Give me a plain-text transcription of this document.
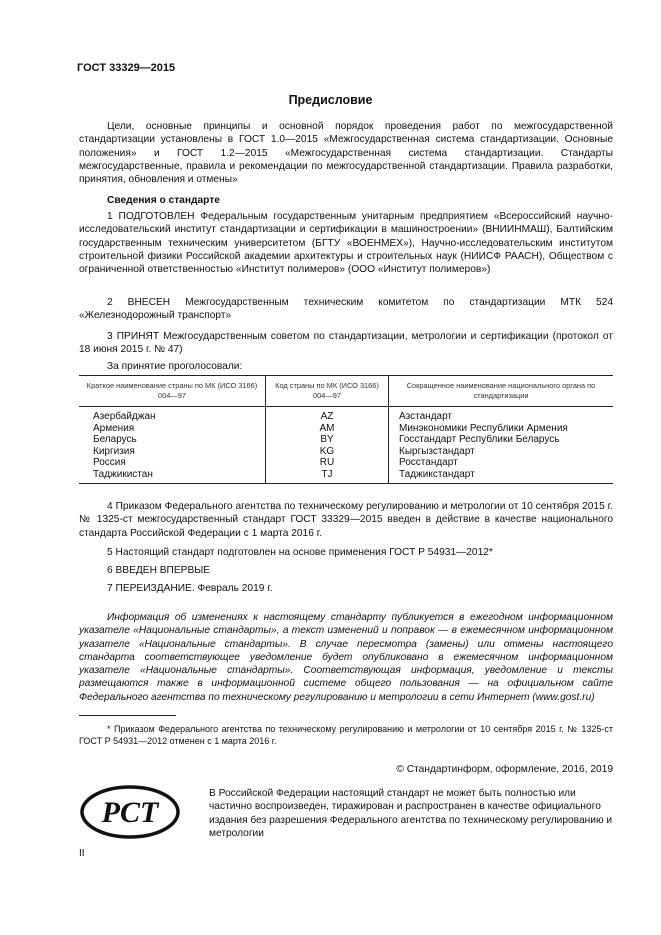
ГОСТ 33329—2015
Предисловие
Цели, основные принципы и основной порядок проведения работ по межгосударственной стандартизации установлены в ГОСТ 1.0—2015 «Межгосударственная система стандартизации. Основные положения» и ГОСТ 1.2—2015 «Межгосударственная система стандартизации. Стандарты межгосударственные, правила и рекомендации по межгосударственной стандартизации. Правила разработки, принятия, обновления и отмены»
Сведения о стандарте
1 ПОДГОТОВЛЕН Федеральным государственным унитарным предприятием «Всероссийский научно-исследовательский институт стандартизации и сертификации в машиностроении» (ВНИИНМАШ), Балтийским государственным техническим университетом (БГТУ «ВОЕНМЕХ»), Научно-исследовательским институтом строительной физики Российской академии архитектуры и строительных наук (НИИСФ РААСН), Обществом с ограниченной ответственностью «Институт полимеров» (ООО «Институт полимеров»)
2 ВНЕСЕН Межгосударственным техническим комитетом по стандартизации МТК 524 «Железнодорожный транспорт»
3 ПРИНЯТ Межгосударственным советом по стандартизации, метрологии и сертификации (протокол от 18 июня 2015 г. № 47)
За принятие проголосовали:
Краткое наименование страны по МК (ИСО 3166) 004—97	Код страны по МК (ИСО 3166) 004—97	Сокращенное наименование национального органа по стандартизации
Азербайджан	AZ	Азстандарт
Армения	AM	Минэкономики Республики Армения
Беларусь	BY	Госстандарт Республики Беларусь
Киргизия	KG	Кыргызстандарт
Россия	RU	Росстандарт
Таджикистан	TJ	Таджикстандарт
4 Приказом Федерального агентства по техническому регулированию и метрологии от 10 сентября 2015 г. № 1325-ст межгосударственный стандарт ГОСТ 33329—2015 введен в действие в качестве национального стандарта Российской Федерации с 1 марта 2016 г.
5 Настоящий стандарт подготовлен на основе применения ГОСТ Р 54931—2012*
6 ВВЕДЕН ВПЕРВЫЕ
7 ПЕРЕИЗДАНИЕ. Февраль 2019 г.
Информация об изменениях к настоящему стандарту публикуется в ежегодном информационном указателе «Национальные стандарты», а текст изменений и поправок — в ежемесячном информационном указателе «Национальные стандарты». В случае пересмотра (замены) или отмены настоящего стандарта соответствующее уведомление будет опубликовано в ежемесячном информационном указателе «Национальные стандарты». Соответствующая информация, уведомление и тексты размещаются также в информационной системе общего пользования — на официальном сайте Федерального агентства по техническому регулированию и метрологии в сети Интернет (www.gost.ru)
* Приказом Федерального агентства по техническому регулированию и метрологии от 10 сентября 2015 г. № 1325-ст ГОСТ Р 54931—2012 отменен с 1 марта 2016 г.
© Стандартинформ, оформление, 2016, 2019
РСТ
В Российской Федерации настоящий стандарт не может быть полностью или частично воспроизведен, тиражирован и распространен в качестве официального издания без разрешения Федерального агентства по техническому регулированию и метрологии
II
